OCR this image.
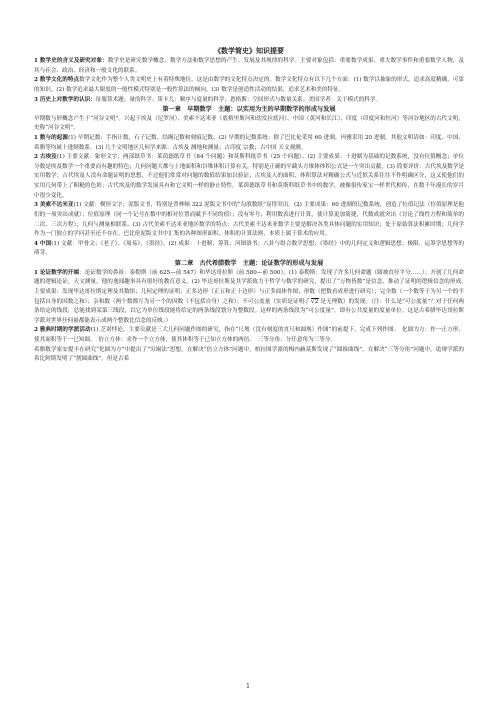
《数学简史》知识提要

1 数学史的含义及研究对象：数学史是研究数学概念、数学方法和数学思想的产生、发展及其规律的科学。主要对象包括：重要数学成果、重大数学事件和重要数学人物，及其与社会、政治、经济和一般文化的联系。

2 数学文化的特点数学文化作为整个人类文明史上有着特殊地位，这是由数学的文化特点决定的。数学文化特点有以下几个方面：(1) 数学以抽象的形式，追求高度精确、可靠的知识。(2) 数学追求最大限度的一般性模式特别是一般性算法的倾向。(3) 数学是创造性活动的结果，追求艺术和美的特征。

3 历史上对数学的认识：征服算术题；量的科学；笛卡儿：顺序与度量的科学；恩格斯：空间形式与数量关系；美国学者：关于模式的科学。

第一章　早期数学　主题：以实用为主的早期数学的形成与发展

早期数与形概念产生于“河谷文明”。兴起于埃及（尼罗河）、美索不达米亚（底格里斯河和幼发拉底河）、中国（黄河和长江）、印度（印度河和恒河）等河谷地区的古代文明，史称“河谷文明”。

1 数与的起源(1) 早期记数：手指计数、石子记数、结绳记数和刻痕记数。(2) 早期的记数系统：除了巴比伦采用 60 进制，玛雅采用 20 进制，其他文明请如：印度、中国、希腊等均属十进制数系。(3) 几个文明地区几何学来源：古埃及 测地和测量；古印度 宗教；古中国 天文观测。

2 古埃及(1) 主要文献：象形文字；两部纸草书：莱茵德纸草书（84 个问题）和莫斯科纸草书（25 个问题）。(2) 主要成果：十进制为基础的记数系统，没有位值概念；单位分数是埃及数学一个重要而有趣的特色；几何问题大都与土地面积和谷堆体积计算有关，特别是正确的平截头方锥体体积公式是一个突出贡献。(3) 简要评价：古代埃及数学是实用数学；古代埃及人没有命题证明的思想，不过他们常常对问题的数值结果加以验证；古埃及人的面积、体积算法对精确公式与近似关系往往不作明确区分，这又使他们的实用几何带上了粗糙的色彩；古代埃及的数学发展具有和它文明一样的静止特性。莱茵德纸草书和莫斯科纸草书中的数学，被像很传家宝一样世代相传，在数千年漫长的岁月中很少变化。

3 美索不达米亚(1) 文献：楔形文字；泥版文书，特别是普林顿 322 泥版文书中的“勾股数组”显得突出。(2) 主要成果：60 进制的记数系统，创造了位值记法（位值原理是他们的一项突出成就）；位值原理（同一个记号在数中的相对位置而赋予不同的值）；没有零号；利用数表进行计算，使计算更加简捷，代数成就突出（讨论了线性方程和简单的二次、三次方程）；几何与测量相联系。(3) 古代美索不达米亚地区数学的特点：古代美索不达米亚数学主要是解决各类具体问题的实用知识；处于原始算法积累时期；几何学作为一门独立的学问甚至还不存在。巴比伦泥版文书中汇集的各种图形面积、体积的计算法则，本质上属于算术的应用。

4 中国(1) 文献：甲骨文；《老子》、《周易》、《墨经》。(2) 成果：十进制；筹算；河图洛书；八卦与组合数学思想；《墨经》中的几何定义和逻辑思想；极限、运筹学思想等的萌芽。

第二章　古代希腊数学　主题：论证数学的形成与发展

1 论证数学的开端：论证数学的鼻祖：泰勒斯（前 625—前 547）和毕达哥拉斯（前 580—前 500）。(1) 泰勒斯：发现了许多几何命题（圆被直径平分……）；开创了几何命题的逻辑论证，天文测量。他的逸闻趣事具有很好的教育意义。(2) 毕达哥拉斯及其学派致力于哲学与数学的研究，提出了“万物皆数”是信念，推动了证明的逻辑信念的形成。　主要成果：发现毕达哥拉斯定理及其数组；几何定理的证明；正多边形（正五和正十边形）与正多面体作图；形数（把数看成形进行研究）；完全数（一个数等于为另一个的不包括自身的因数之和）；亲和数（两个数都互为另一个的因数（不包括自身）之和）；不可公度量（实质是证明了 √ 2 是无理数）的发现。（注：什么是“可公度量”？对于任何两条给定的线段，总能找到某第三线段，以它为单位线段能将给定的两条线段划分为整数段。这样的两条线段为“可公度量”，即有公共度量的度量单位。这是古希腊毕达哥拉斯学派对世界任何量都能表示成两个整数比信念的反映。）

2 雅典时期的学派活动(1) 芝诺悖论，主要贡献是三大几何问题作图的研究，指在“尺规（没有刻度的直尺和圆规）作图”的前提下，完成下列作图。　化圆为方：作一正方形，使其面积等于一已知圆。　倍立方体：求作一个立方体，使其体积等于已知立方体的两倍。　三等分角：分任意角为三等分。

希腊数学家安提丰在研究“化圆为方”中提出了“穷竭法”思想，在解决“倍立方体”问题中，柏拉图学派的梅内赫莫斯发现了“圆锥曲线”。在解决“三等分角”问题中，诡辩学派的希比阿斯发明了“割圆曲线”。但是古希

1
